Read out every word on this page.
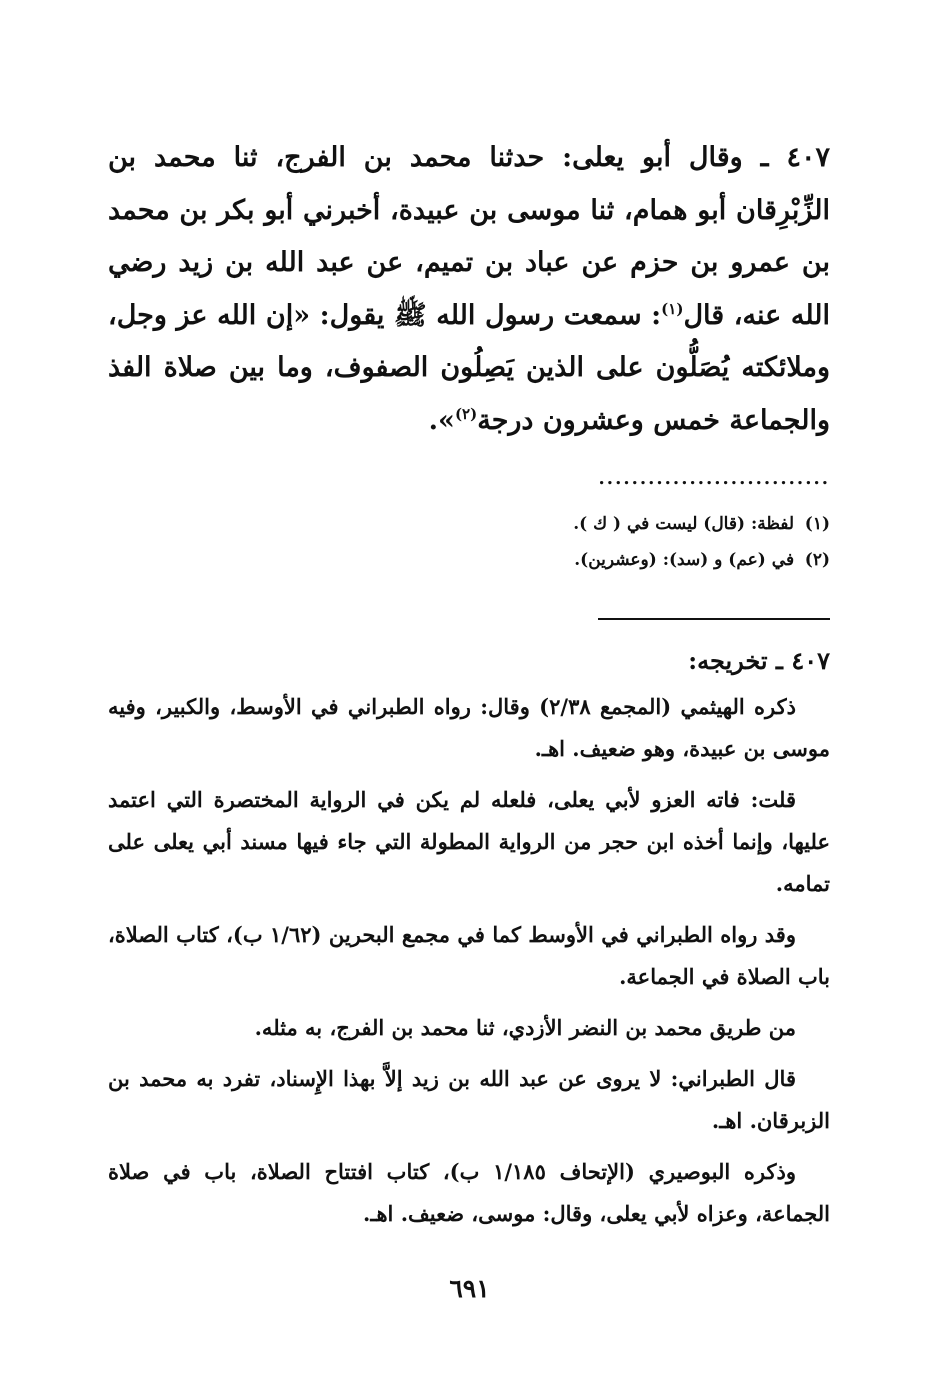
٤٠٧ ـ وقال أبو يعلى: حدثنا محمد بن الفرج، ثنا محمد بن الزِّبْرِقان أبو همام، ثنا موسى بن عبيدة، أخبرني أبو بكر بن محمد بن عمرو بن حزم عن عباد بن تميم، عن عبد الله بن زيد رضي الله عنه، قال$^{(١)}$: سمعت رسول الله ﷺ يقول: «إن الله عز وجل، وملائكته يُصَلُّون على الذين يَصِلُون الصفوف، وما بين صلاة الفذ والجماعة خمس وعشرون درجة$^{(٢)}$».

............................

(١) لفظة: (قال) ليست في ( ك ).

(٢) في (عم) و (سد): (وعشرين).

٤٠٧ ـ تخريجه:

ذكره الهيثمي (المجمع ٢/٣٨) وقال: رواه الطبراني في الأوسط، والكبير، وفيه موسى بن عبيدة، وهو ضعيف. اهـ.

قلت: فاته العزو لأبي يعلى، فلعله لم يكن في الرواية المختصرة التي اعتمد عليها، وإنما أخذه ابن حجر من الرواية المطولة التي جاء فيها مسند أبي يعلى على تمامه.

وقد رواه الطبراني في الأوسط كما في مجمع البحرين (١/٦٢ ب)، كتاب الصلاة، باب الصلاة في الجماعة.

من طريق محمد بن النضر الأزدي، ثنا محمد بن الفرج، به مثله.

قال الطبراني: لا يروى عن عبد الله بن زيد إلاَّ بهذا الإِسناد، تفرد به محمد بن الزبرقان. اهـ.

وذكره البوصيري (الإتحاف ١/١٨٥ ب)، كتاب افتتاح الصلاة، باب في صلاة الجماعة، وعزاه لأبي يعلى، وقال: موسى، ضعيف. اهـ.

٦٩١
